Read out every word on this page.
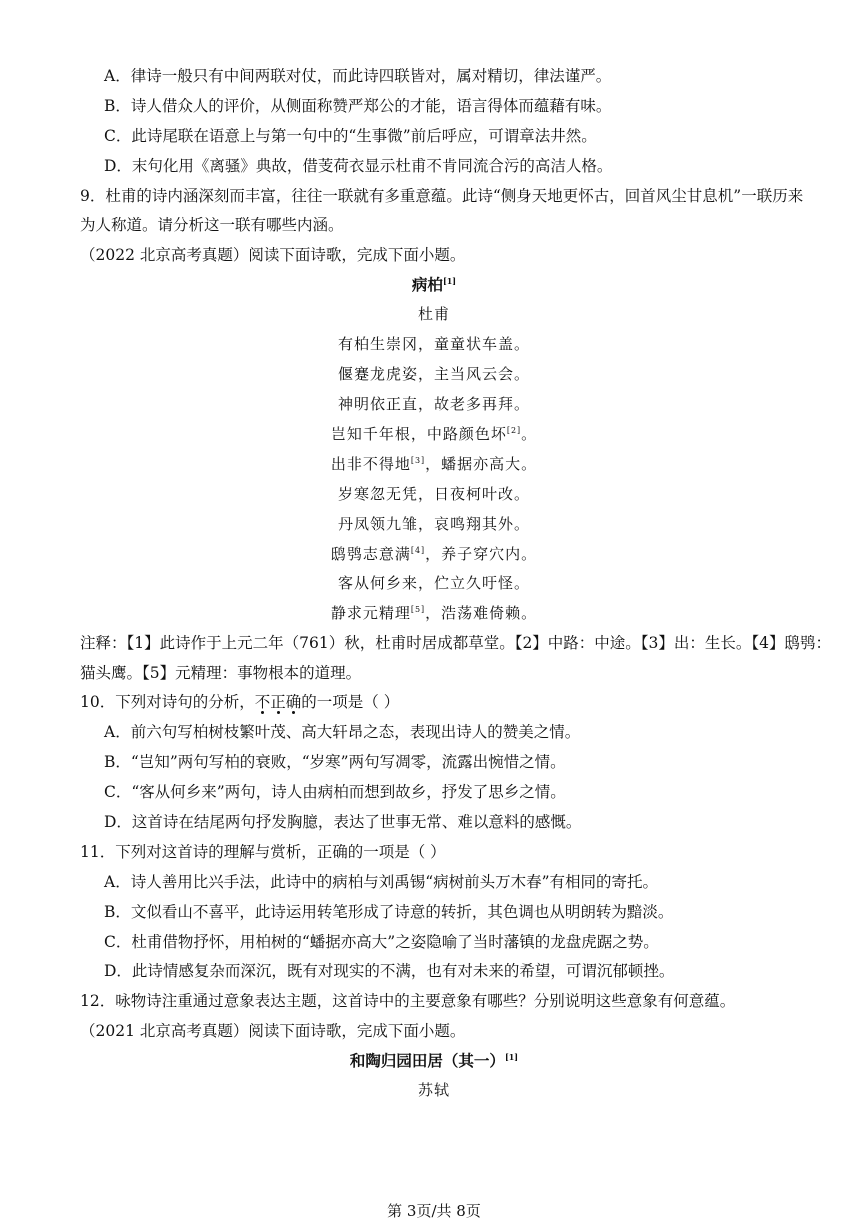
A．律诗一般只有中间两联对仗，而此诗四联皆对，属对精切，律法谨严。
B．诗人借众人的评价，从侧面称赞严郑公的才能，语言得体而蕴藉有味。
C．此诗尾联在语意上与第一句中的“生事微”前后呼应，可谓章法井然。
D．末句化用《离骚》典故，借芰荷衣显示杜甫不肯同流合污的高洁人格。
9．杜甫的诗内涵深刻而丰富，往往一联就有多重意蕴。此诗“侧身天地更怀古，回首风尘甘息机”一联历来
为人称道。请分析这一联有哪些内涵。
（2022 北京高考真题）阅读下面诗歌，完成下面小题。
病柏[1]
杜甫
有柏生崇冈，童童状车盖。
偃蹇龙虎姿，主当风云会。
神明依正直，故老多再拜。
岂知千年根，中路颜色坏[2]。
出非不得地[3]，蟠据亦高大。
岁寒忽无凭，日夜柯叶改。
丹凤领九雏，哀鸣翔其外。
鸱鸮志意满[4]，养子穿穴内。
客从何乡来，伫立久吁怪。
静求元精理[5]，浩荡难倚赖。
注释：【1】此诗作于上元二年（761）秋，杜甫时居成都草堂。【2】中路：中途。【3】出：生长。【4】鸱鸮：
猫头鹰。【5】元精理：事物根本的道理。
10．下列对诗句的分析，不正确的一项是（ ）
A．前六句写柏树枝繁叶茂、高大轩昂之态，表现出诗人的赞美之情。
B．“岂知”两句写柏的衰败，“岁寒”两句写凋零，流露出惋惜之情。
C．“客从何乡来”两句，诗人由病柏而想到故乡，抒发了思乡之情。
D．这首诗在结尾两句抒发胸臆，表达了世事无常、难以意料的感慨。
11．下列对这首诗的理解与赏析，正确的一项是（ ）
A．诗人善用比兴手法，此诗中的病柏与刘禹锡“病树前头万木春”有相同的寄托。
B．文似看山不喜平，此诗运用转笔形成了诗意的转折，其色调也从明朗转为黯淡。
C．杜甫借物抒怀，用柏树的“蟠据亦高大”之姿隐喻了当时藩镇的龙盘虎踞之势。
D．此诗情感复杂而深沉，既有对现实的不满，也有对未来的希望，可谓沉郁顿挫。
12．咏物诗注重通过意象表达主题，这首诗中的主要意象有哪些？分别说明这些意象有何意蕴。
（2021 北京高考真题）阅读下面诗歌，完成下面小题。
和陶归园田居（其一）[1]
苏轼
第 3页/共 8页
